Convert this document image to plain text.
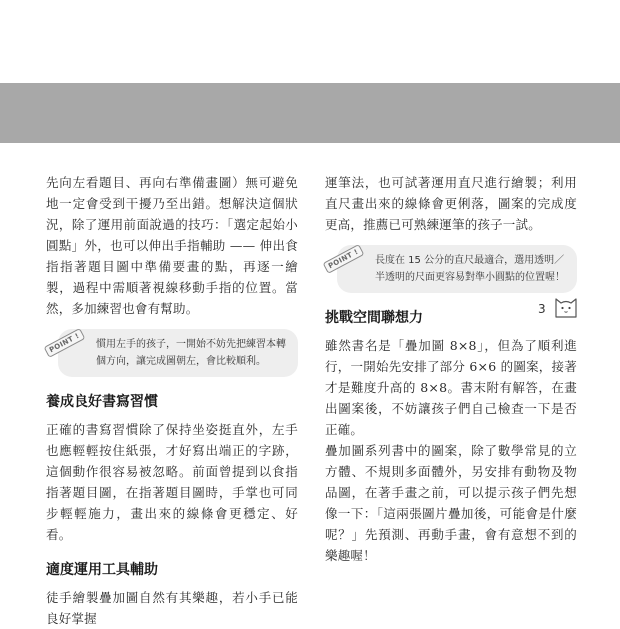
先向左看題目、再向右準備畫圖）無可避免地一定會受到干擾乃至出錯。想解決這個狀況，除了運用前面說過的技巧：「選定起始小圓點」外，也可以伸出手指輔助 —— 伸出食指指著題目圖中準備要畫的點，再逐一繪製，過程中需順著視線移動手指的位置。當然，多加練習也會有幫助。

POINT !	慣用左手的孩子，一開始不妨先把練習本轉個方向，讓完成圖朝左，會比較順利。
養成良好書寫習慣

正確的書寫習慣除了保持坐姿挺直外，左手也應輕輕按住紙張，才好寫出端正的字跡，這個動作很容易被忽略。前面曾提到以食指指著題目圖，在指著題目圖時，手掌也可同步輕輕施力，畫出來的線條會更穩定、好看。

適度運用工具輔助

徒手繪製疊加圖自然有其樂趣，若小手已能良好掌握

運筆法，也可試著運用直尺進行繪製；利用直尺畫出來的線條會更俐落，圖案的完成度更高，推薦已可熟練運筆的孩子一試。

POINT !	長度在 15 公分的直尺最適合，選用透明／半透明的尺面更容易對準小圓點的位置喔！
挑戰空間聯想力

雖然書名是「疊加圖 8×8」，但為了順利進行，一開始先安排了部分 6×6 的圖案，接著才是難度升高的 8×8。書末附有解答，在畫出圖案後，不妨讓孩子們自己檢查一下是否正確。

疊加圖系列書中的圖案，除了數學常見的立方體、不規則多面體外，另安排有動物及物品圖，在著手畫之前，可以提示孩子們先想像一下：「這兩張圖片疊加後，可能會是什麼呢？」先預測、再動手畫，會有意想不到的樂趣喔！

3
